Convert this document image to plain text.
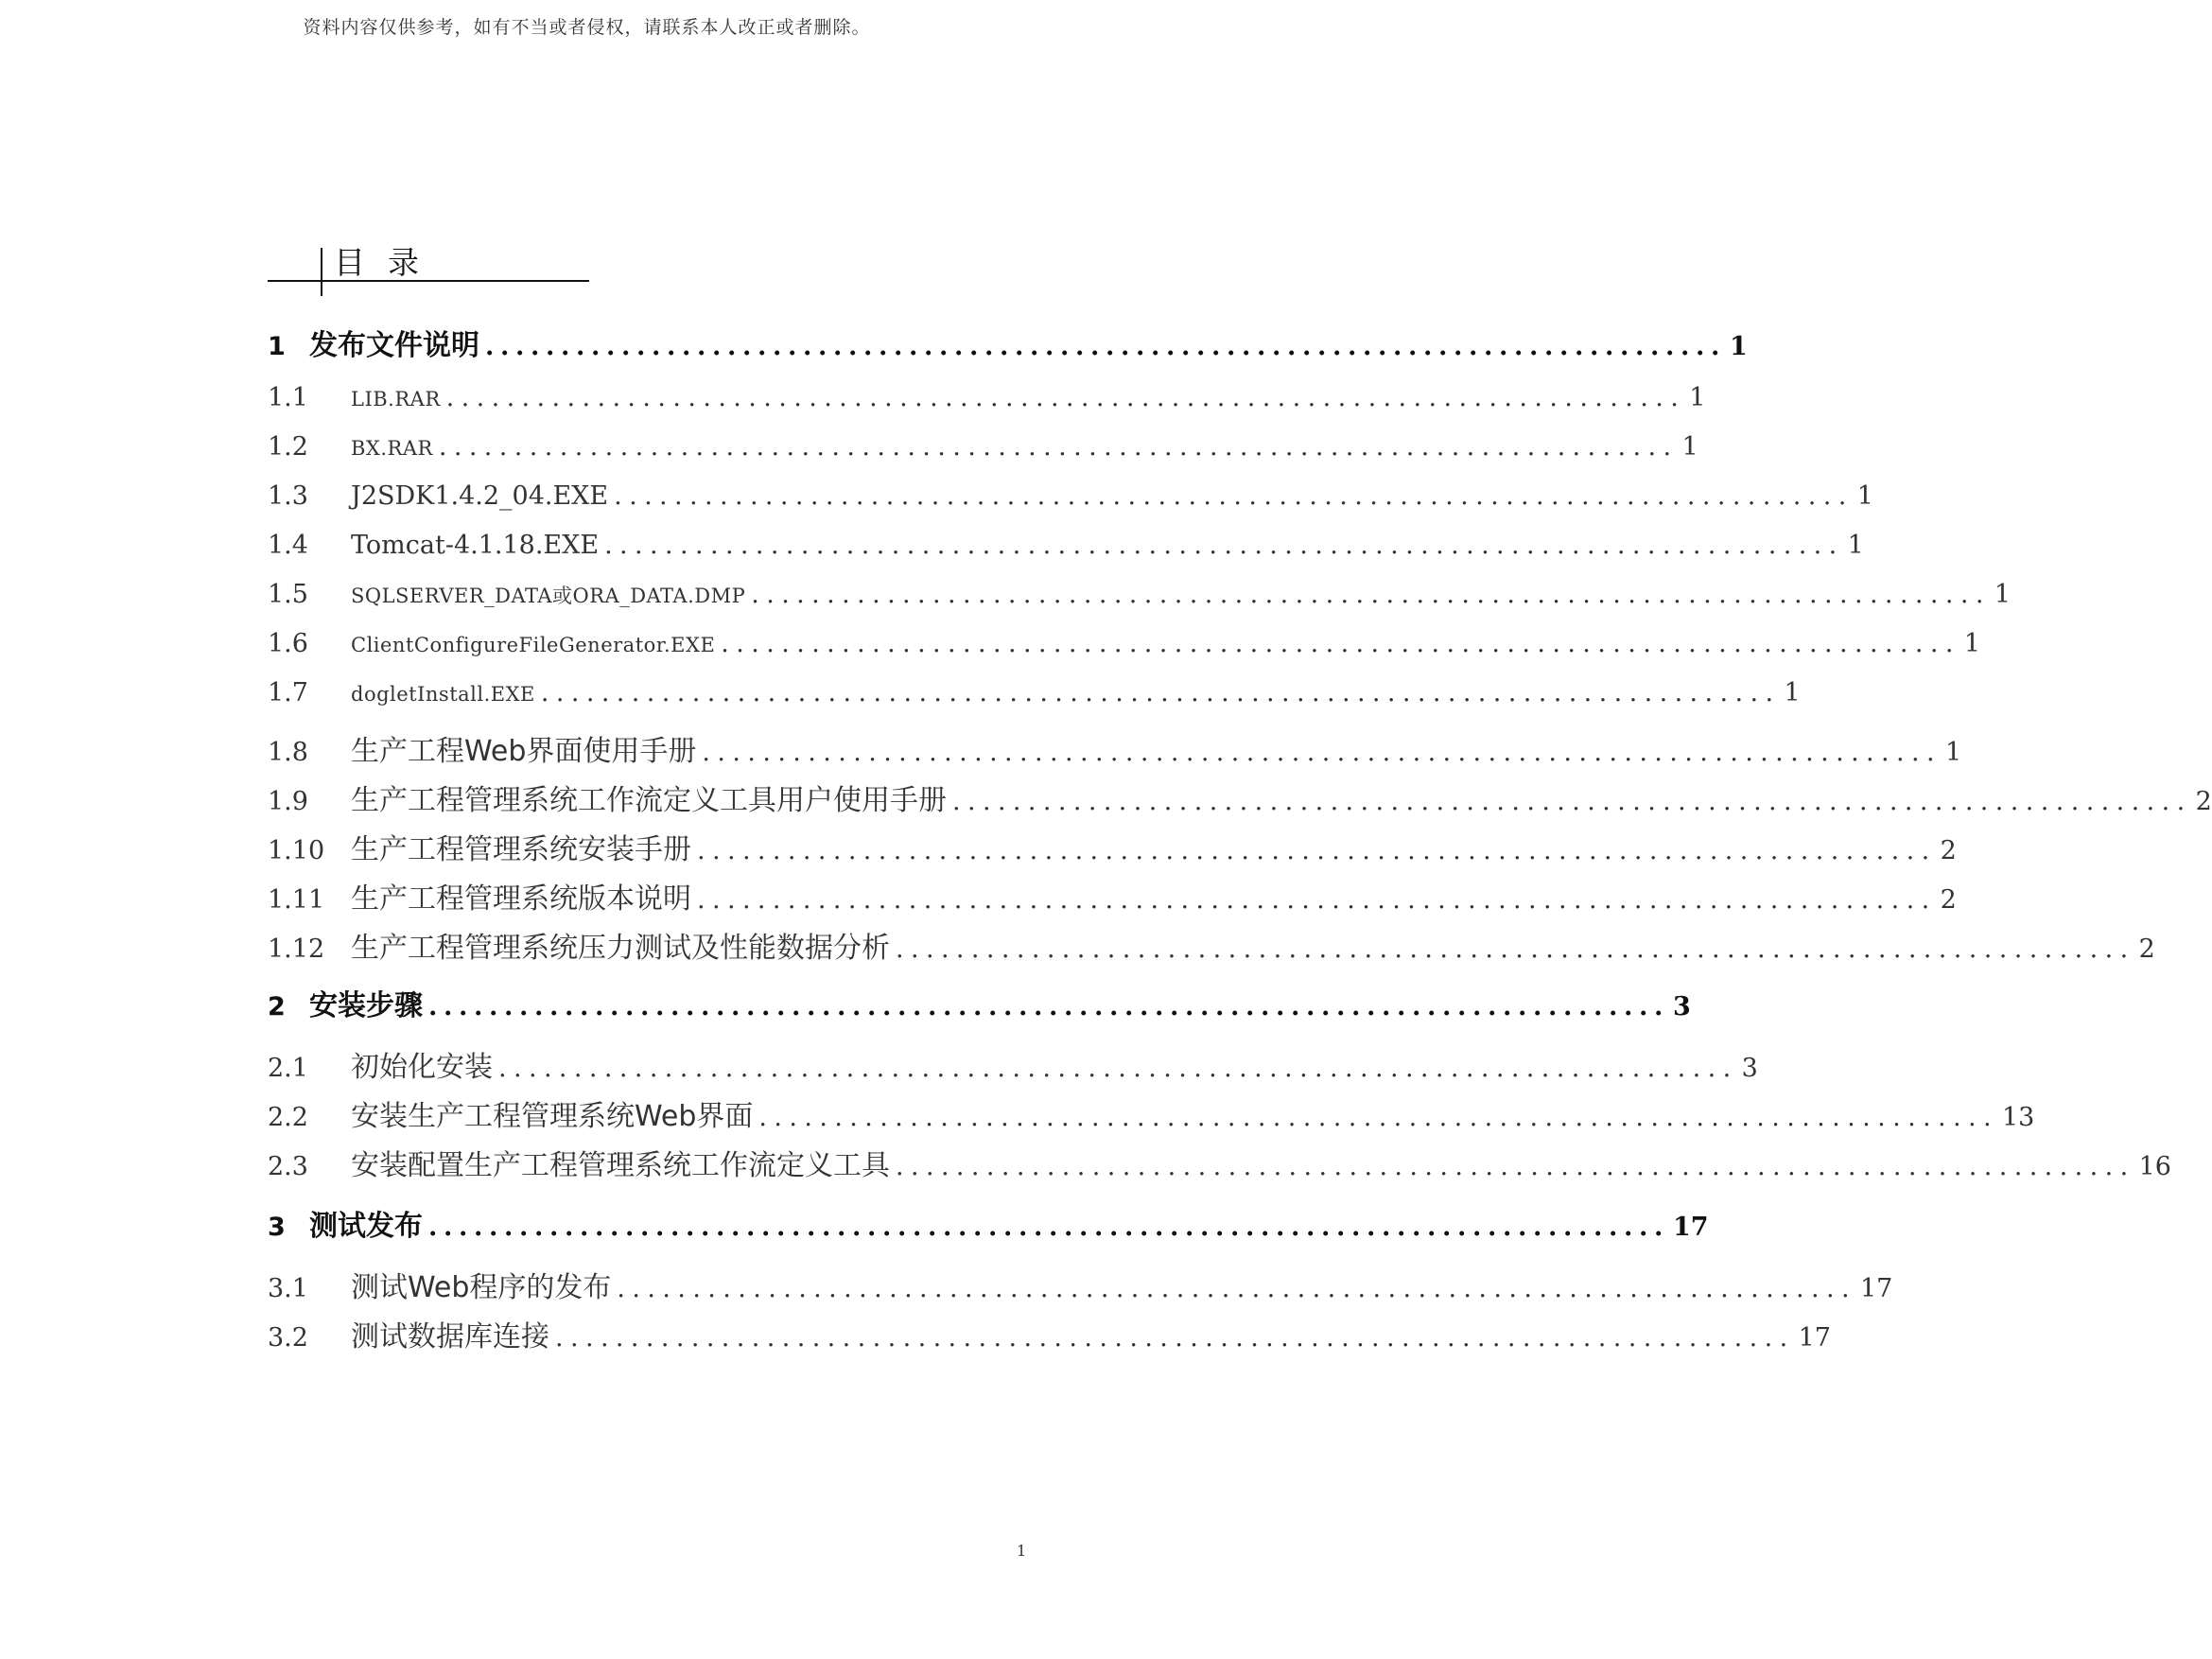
资料内容仅供参考，如有不当或者侵权，请联系本人改正或者删除。
目录
1 发布文件说明 .................................................................................. 1
1.1	LIB.RAR .................................................................................. 1
1.2	BX.RAR .................................................................................. 1
1.3	J2SDK1.4.2_04.EXE .................................................................................. 1
1.4	Tomcat-4.1.18.EXE .................................................................................. 1
1.5	SQLSERVER_DATA或ORA_DATA.DMP .................................................................................. 1
1.6	ClientConfigureFileGenerator.EXE .................................................................................. 1
1.7	dogletInstall.EXE .................................................................................. 1
1.8	生产工程Web界面使用手册 .................................................................................. 1
1.9	生产工程管理系统工作流定义工具用户使用手册 .................................................................................. 2
1.10 生产工程管理系统安装手册 .................................................................................. 2
1.11 生产工程管理系统版本说明 .................................................................................. 2
1.12 生产工程管理系统压力测试及性能数据分析 .................................................................................. 2
2 安装步骤 .................................................................................. 3
2.1	初始化安装 .................................................................................. 3
2.2	安装生产工程管理系统Web界面 .................................................................................. 13
2.3	安装配置生产工程管理系统工作流定义工具 .................................................................................. 16
3 测试发布 .................................................................................. 17
3.1	测试Web程序的发布 .................................................................................. 17
3.2	测试数据库连接 .................................................................................. 17
1
